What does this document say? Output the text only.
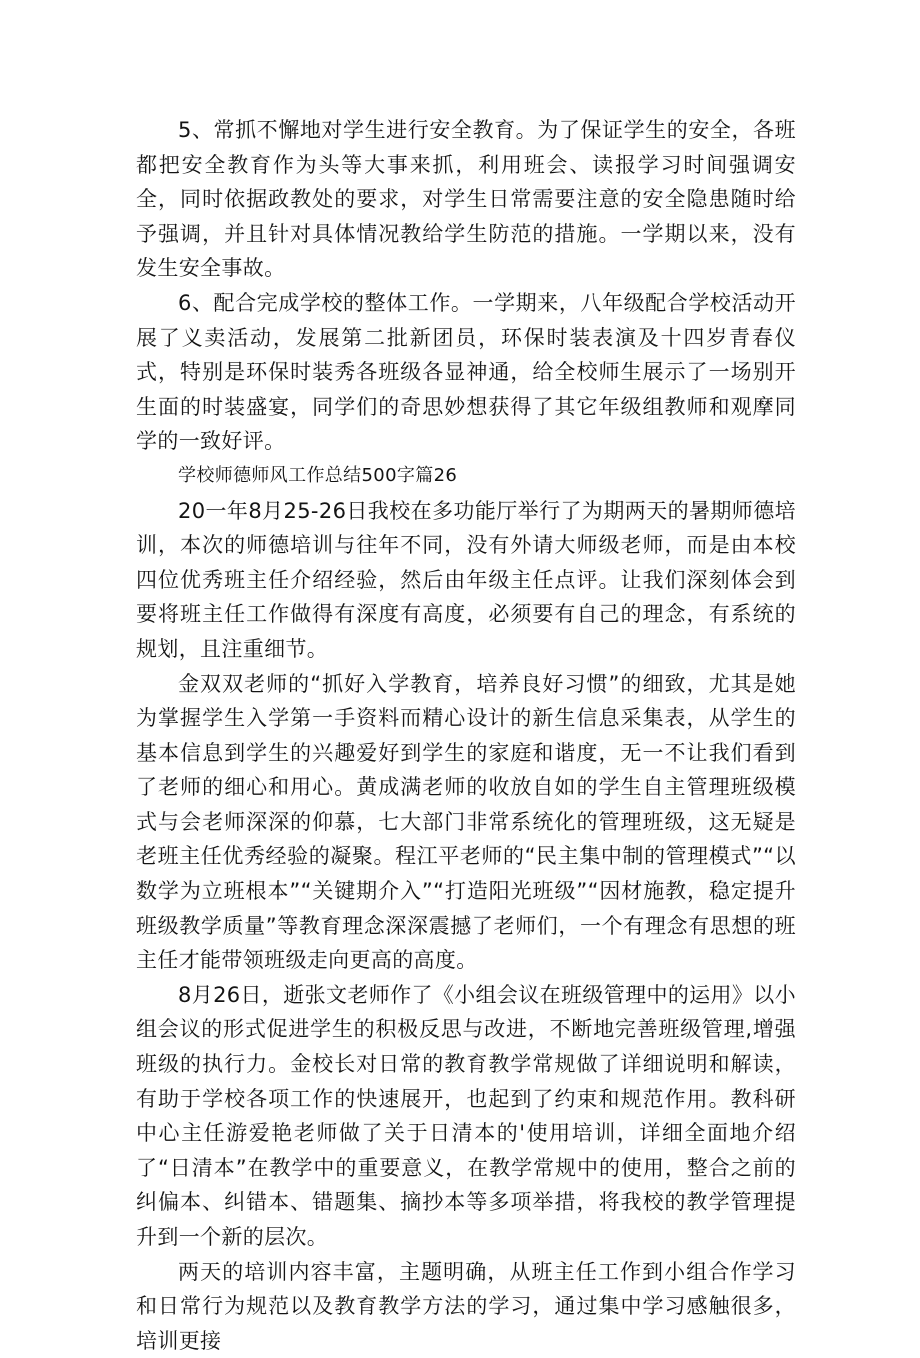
5、常抓不懈地对学生进行安全教育。为了保证学生的安全，各班都把安全教育作为头等大事来抓，利用班会、读报学习时间强调安全，同时依据政教处的要求，对学生日常需要注意的安全隐患随时给予强调，并且针对具体情况教给学生防范的措施。一学期以来，没有发生安全事故。

6、配合完成学校的整体工作。一学期来，八年级配合学校活动开展了义卖活动，发展第二批新团员，环保时装表演及十四岁青春仪式，特别是环保时装秀各班级各显神通，给全校师生展示了一场别开生面的时装盛宴，同学们的奇思妙想获得了其它年级组教师和观摩同学的一致好评。

学校师德师风工作总结500字篇26

20一年8月25-26日我校在多功能厅举行了为期两天的暑期师德培训，本次的师德培训与往年不同，没有外请大师级老师，而是由本校四位优秀班主任介绍经验，然后由年级主任点评。让我们深刻体会到要将班主任工作做得有深度有高度，必须要有自己的理念，有系统的规划，且注重细节。

金双双老师的“抓好入学教育，培养良好习惯”的细致，尤其是她为掌握学生入学第一手资料而精心设计的新生信息采集表，从学生的基本信息到学生的兴趣爱好到学生的家庭和谐度，无一不让我们看到了老师的细心和用心。黄成满老师的收放自如的学生自主管理班级模式与会老师深深的仰慕，七大部门非常系统化的管理班级，这无疑是老班主任优秀经验的凝聚。程江平老师的“民主集中制的管理模式”“以数学为立班根本”“关键期介入”“打造阳光班级”“因材施教，稳定提升班级教学质量”等教育理念深深震撼了老师们，一个有理念有思想的班主任才能带领班级走向更高的高度。

8月26日，逝张文老师作了《小组会议在班级管理中的运用》以小组会议的形式促进学生的积极反思与改进，不断地完善班级管理,增强班级的执行力。金校长对日常的教育教学常规做了详细说明和解读，有助于学校各项工作的快速展开，也起到了约束和规范作用。教科研中心主任游爱艳老师做了关于日清本的'使用培训，详细全面地介绍了“日清本”在教学中的重要意义，在教学常规中的使用，整合之前的纠偏本、纠错本、错题集、摘抄本等多项举措，将我校的教学管理提升到一个新的层次。

两天的培训内容丰富，主题明确，从班主任工作到小组合作学习和日常行为规范以及教育教学方法的学习，通过集中学习感触很多，培训更接
